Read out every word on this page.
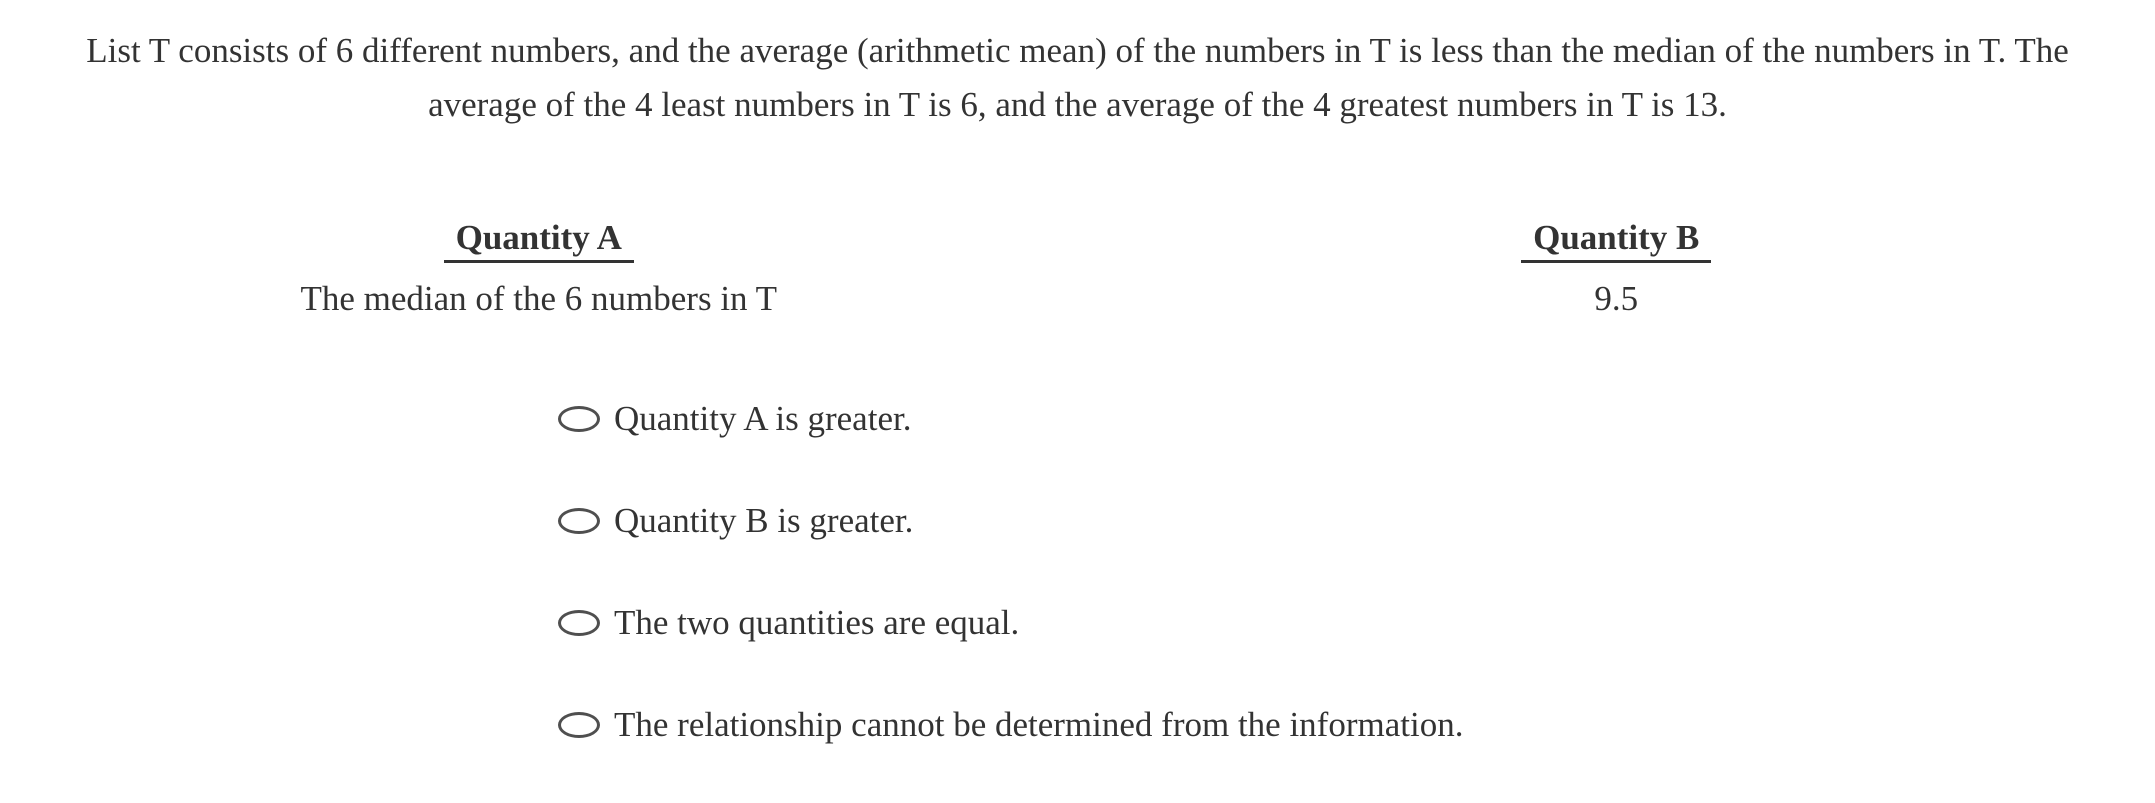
List T consists of 6 different numbers, and the average (arithmetic mean) of the numbers in T is less than the median of the numbers in T. The average of the 4 least numbers in T is 6, and the average of the 4 greatest numbers in T is 13.
Quantity A
The median of the 6 numbers in T
Quantity B
9.5
Quantity A is greater.
Quantity B is greater.
The two quantities are equal.
The relationship cannot be determined from the information.
